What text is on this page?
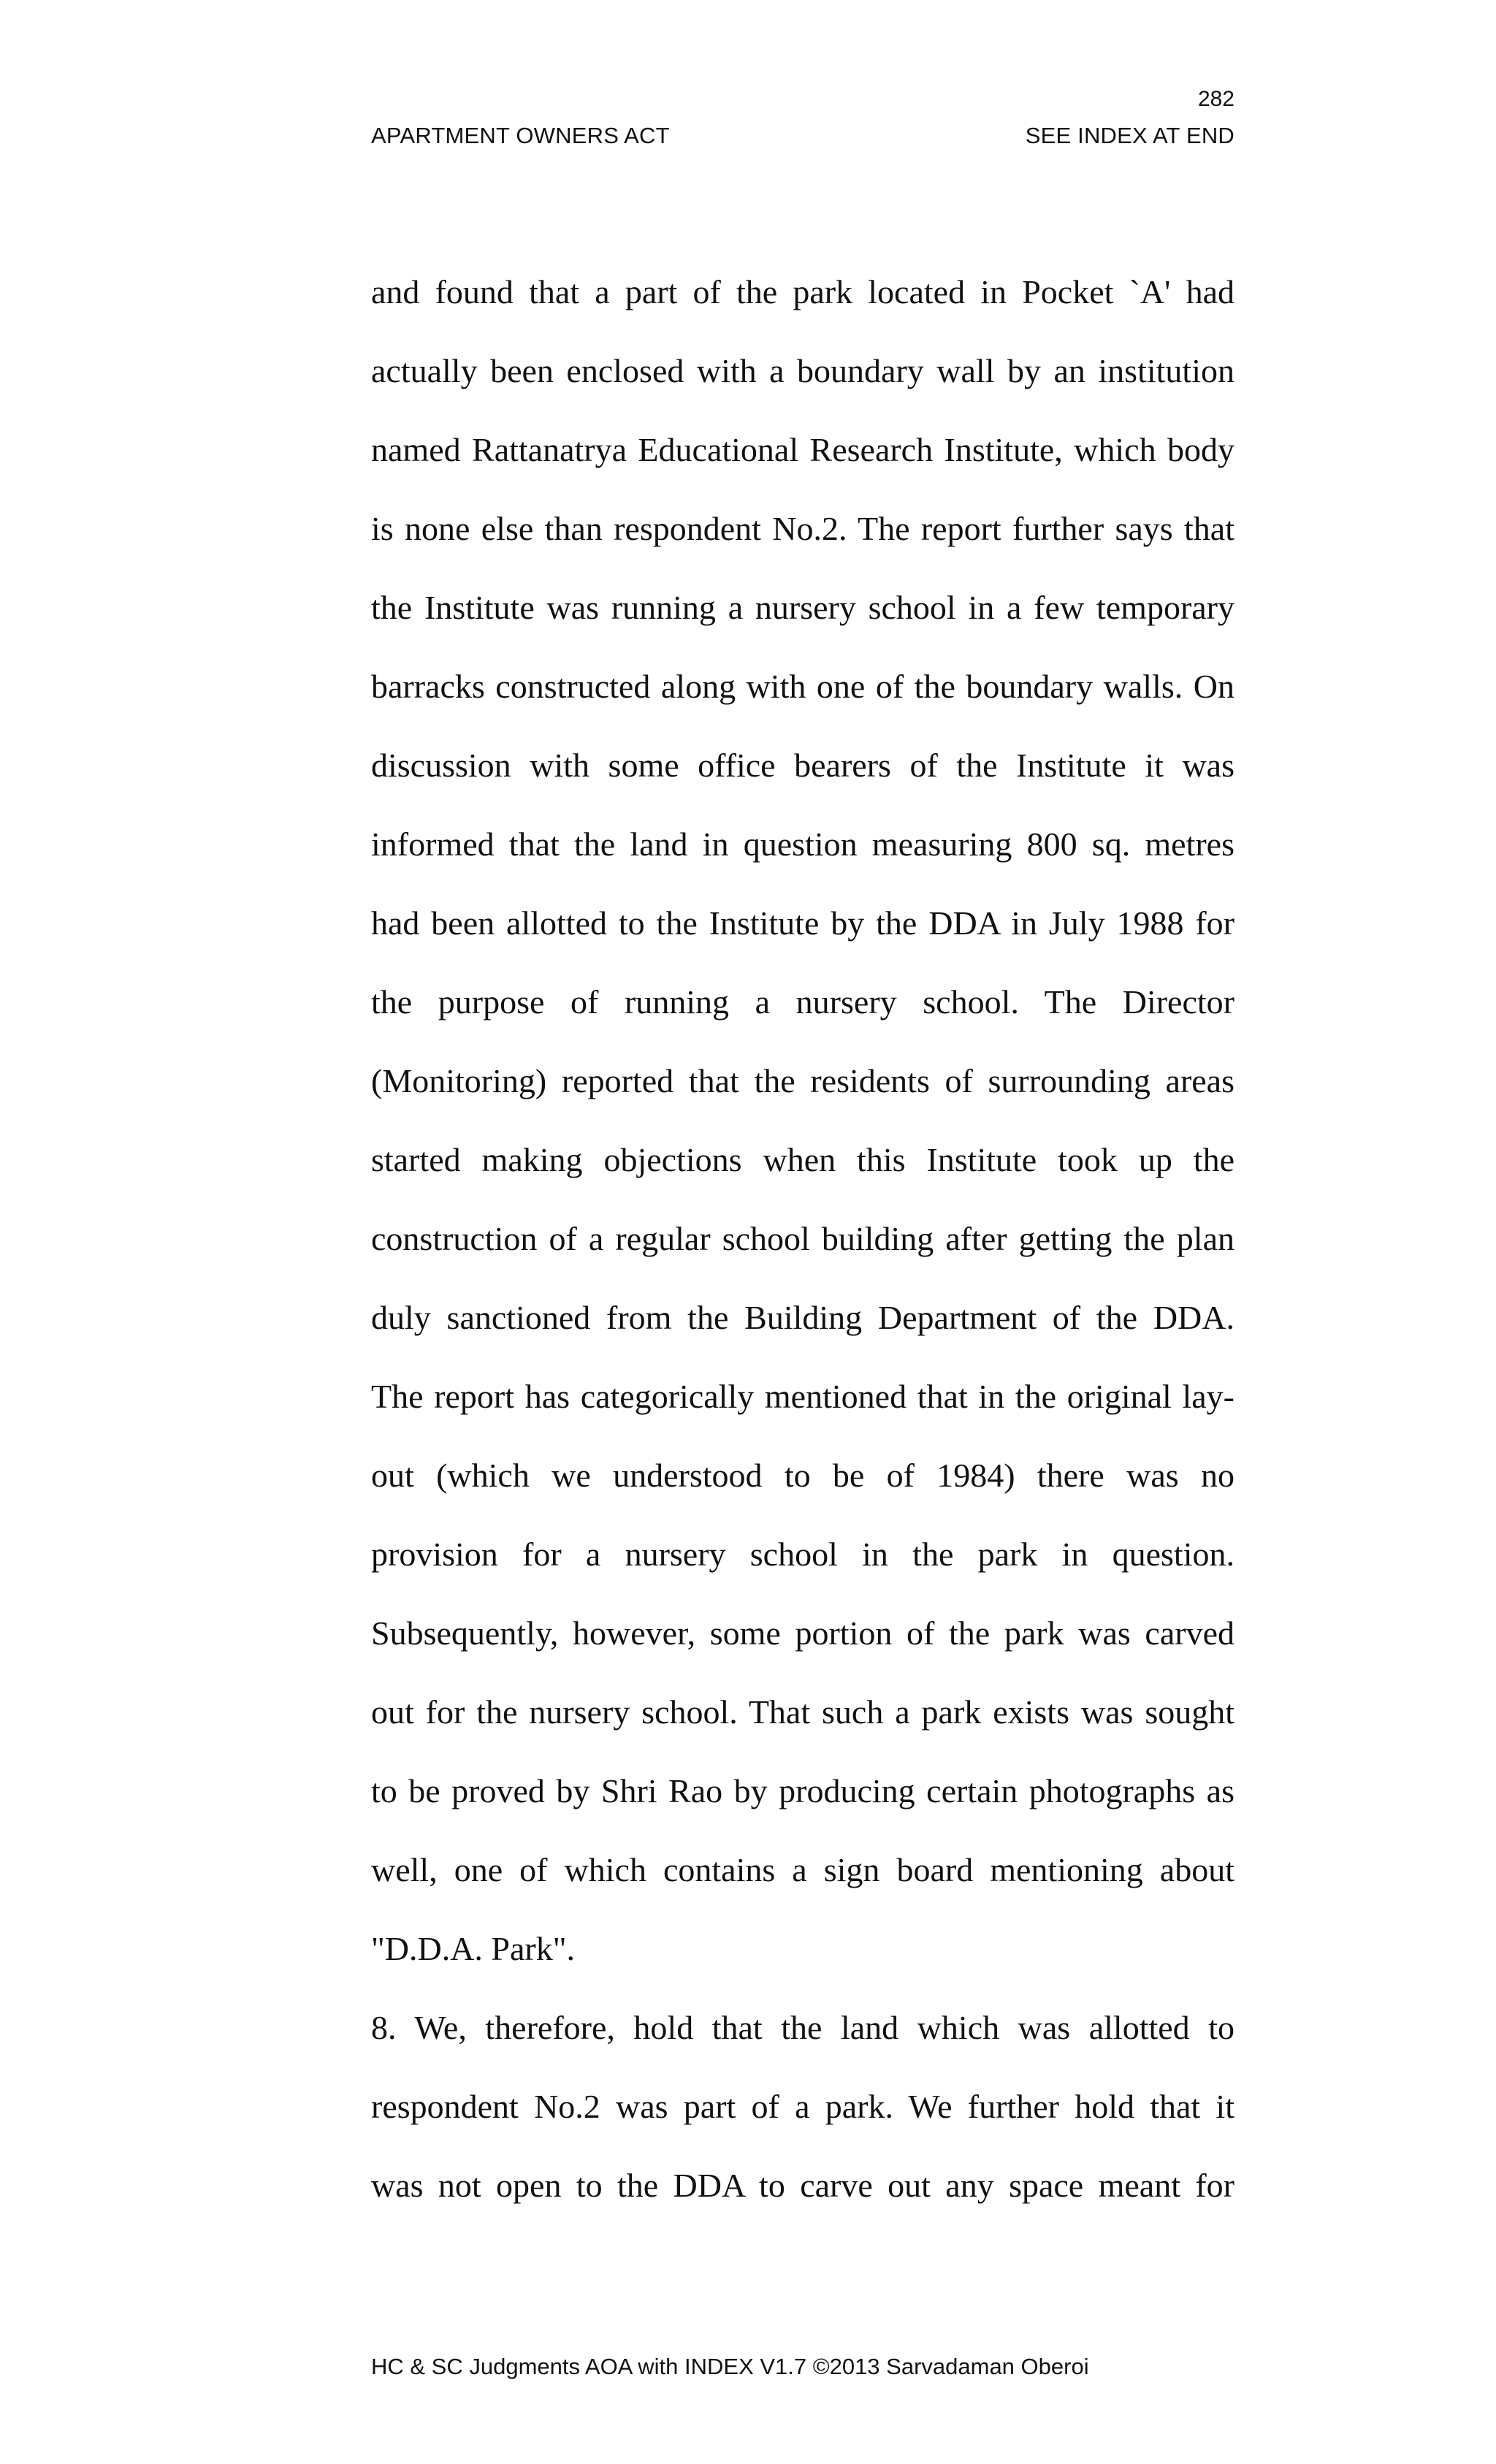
282
APARTMENT OWNERS ACT	SEE INDEX AT END
and found that a part of the park located in Pocket `A' had
actually been enclosed with a boundary wall by an institution
named Rattanatrya Educational Research Institute, which body
is none else than respondent No.2. The report further says that
the Institute was running a nursery school in a few temporary
barracks constructed along with one of the boundary walls. On
discussion with some office bearers of the Institute it was
informed that the land in question measuring 800 sq. metres
had been allotted to the Institute by the DDA in July 1988 for
the purpose of running a nursery school. The Director
(Monitoring) reported that the residents of surrounding areas
started making objections when this Institute took up the
construction of a regular school building after getting the plan
duly sanctioned from the Building Department of the DDA.
The report has categorically mentioned that in the original lay-
out (which we understood to be of 1984) there was no
provision for a nursery school in the park in question.
Subsequently, however, some portion of the park was carved
out for the nursery school. That such a park exists was sought
to be proved by Shri Rao by producing certain photographs as
well, one of which contains a sign board mentioning about
"D.D.A. Park".
8. We, therefore, hold that the land which was allotted to
respondent No.2 was part of a park. We further hold that it
was not open to the DDA to carve out any space meant for
HC & SC Judgments AOA with INDEX V1.7 ©2013 Sarvadaman Oberoi
